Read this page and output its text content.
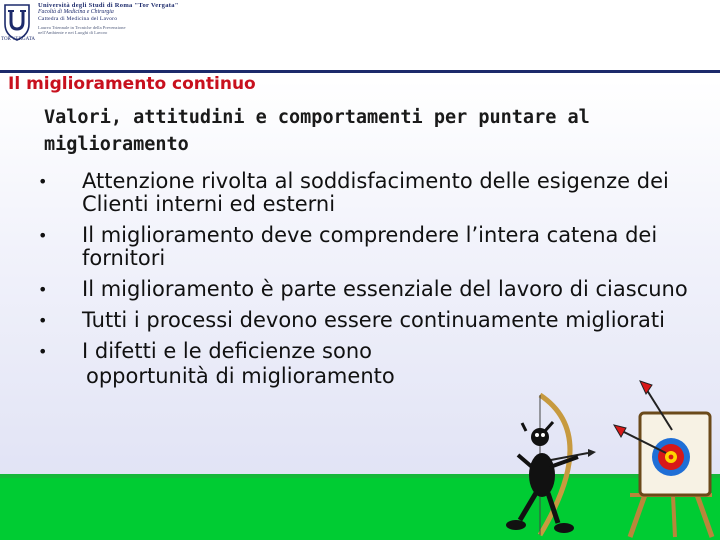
TOR VERGATA
Università degli Studi di Roma "Tor Vergata"
Facoltà di Medicina e Chirurgia
Cattedra di Medicina del Lavoro
Laurea Triennale in Tecniche della Prevenzione
nell'Ambiente e nei Luoghi di Lavoro
Il miglioramento continuo
Valori, attitudini e comportamenti per puntare al miglioramento
• Attenzione rivolta al soddisfacimento delle esigenze dei Clienti interni ed esterni
• Il miglioramento deve comprendere l’intera catena dei fornitori
• Il miglioramento è parte essenziale del lavoro di ciascuno
• Tutti i processi devono essere continuamente migliorati
• I difetti e le deficienze sono
opportunità di miglioramento
